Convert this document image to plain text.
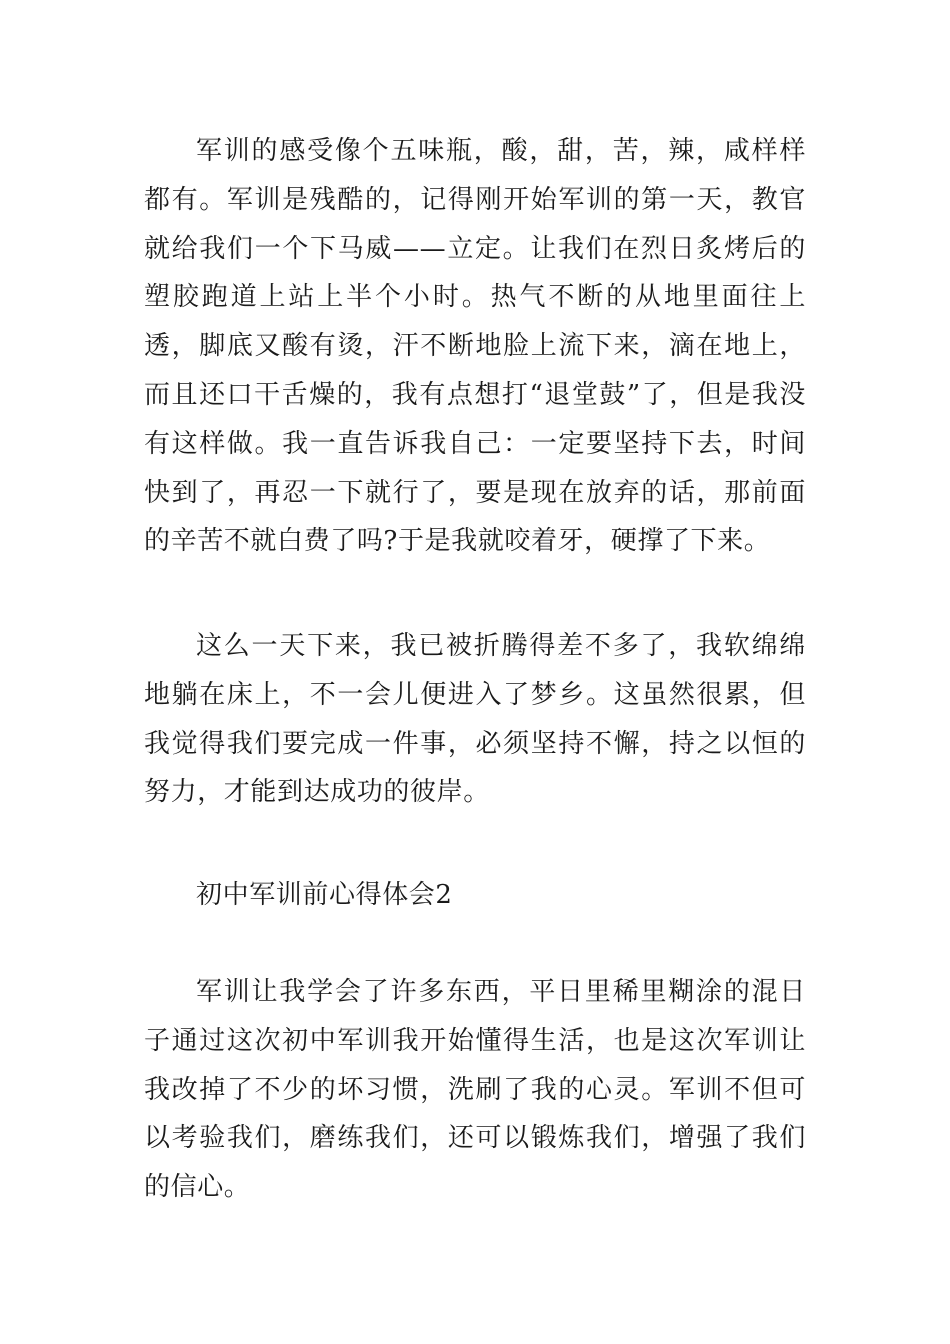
军训的感受像个五味瓶，酸，甜，苦，辣，咸样样都有。军训是残酷的，记得刚开始军训的第一天，教官就给我们一个下马威——立定。让我们在烈日炙烤后的塑胶跑道上站上半个小时。热气不断的从地里面往上透，脚底又酸有烫，汗不断地脸上流下来，滴在地上，而且还口干舌燥的，我有点想打“退堂鼓”了，但是我没有这样做。我一直告诉我自己：一定要坚持下去，时间快到了，再忍一下就行了，要是现在放弃的话，那前面的辛苦不就白费了吗?于是我就咬着牙，硬撑了下来。

这么一天下来，我已被折腾得差不多了，我软绵绵地躺在床上，不一会儿便进入了梦乡。这虽然很累，但我觉得我们要完成一件事，必须坚持不懈，持之以恒的努力，才能到达成功的彼岸。

初中军训前心得体会2

军训让我学会了许多东西，平日里稀里糊涂的混日子通过这次初中军训我开始懂得生活，也是这次军训让我改掉了不少的坏习惯，洗刷了我的心灵。军训不但可以考验我们，磨练我们，还可以锻炼我们，增强了我们的信心。
